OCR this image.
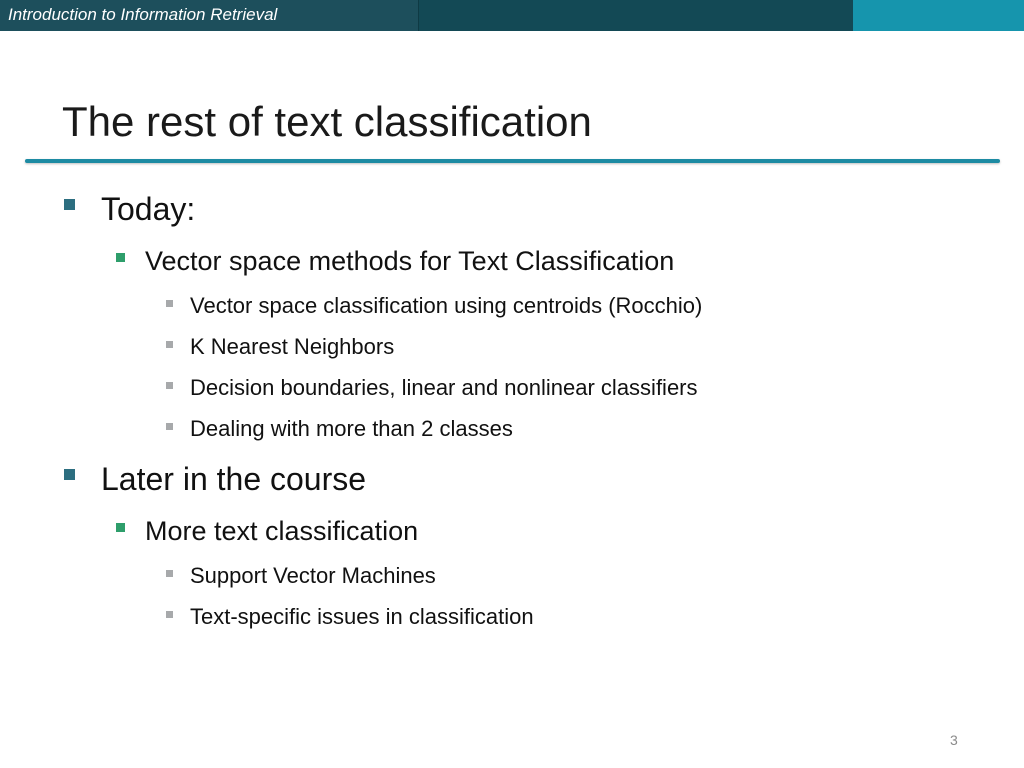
Introduction to Information Retrieval
The rest of text classification
Today:
Vector space methods for Text Classification
Vector space classification using centroids (Rocchio)
K Nearest Neighbors
Decision boundaries, linear and nonlinear classifiers
Dealing with more than 2 classes
Later in the course
More text classification
Support Vector Machines
Text-specific issues in classification
3
